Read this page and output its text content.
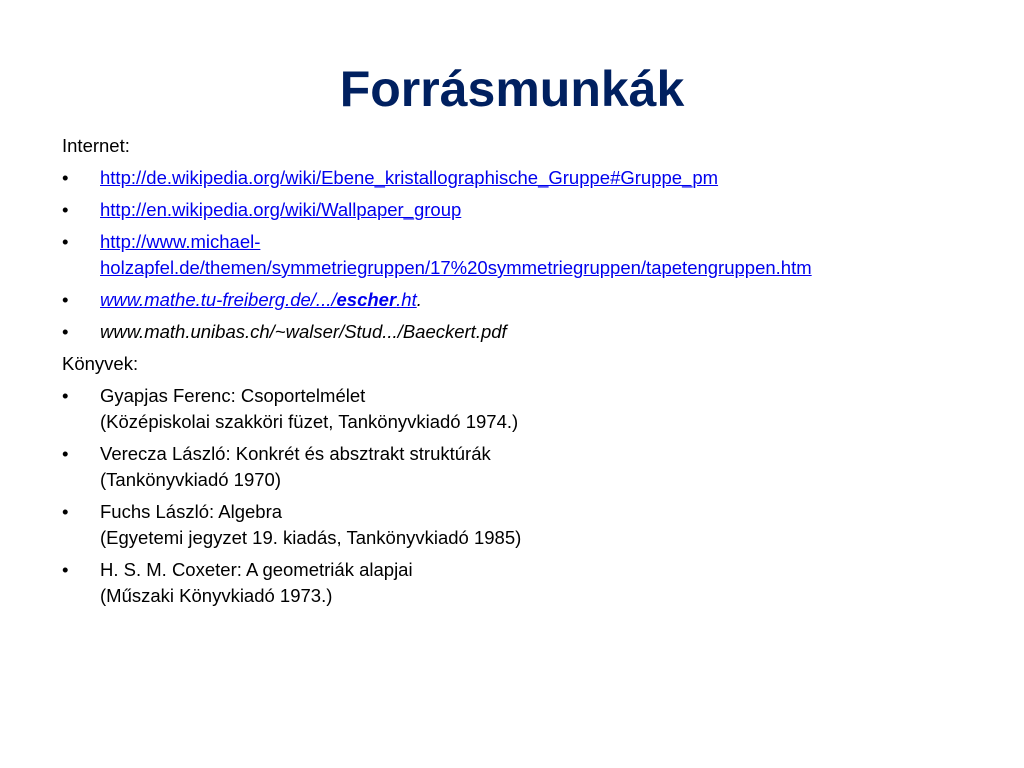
Forrásmunkák
Internet:
• http://de.wikipedia.org/wiki/Ebene_kristallographische_Gruppe#Gruppe_pm
• http://en.wikipedia.org/wiki/Wallpaper_group
• http://www.michael-
holzapfel.de/themen/symmetriegruppen/17%20symmetriegruppen/tapetengruppen.htm
• www.mathe.tu-freiberg.de/.../escher.ht.
• www.math.unibas.ch/~walser/Stud.../Baeckert.pdf
Könyvek:
• Gyapjas Ferenc: Csoportelmélet
(Középiskolai szakköri füzet, Tankönyvkiadó 1974.)
• Verecza László: Konkrét és absztrakt struktúrák
(Tankönyvkiadó 1970)
• Fuchs László: Algebra
(Egyetemi jegyzet 19. kiadás, Tankönyvkiadó 1985)
• H. S. M. Coxeter: A geometriák alapjai
(Műszaki Könyvkiadó 1973.)
